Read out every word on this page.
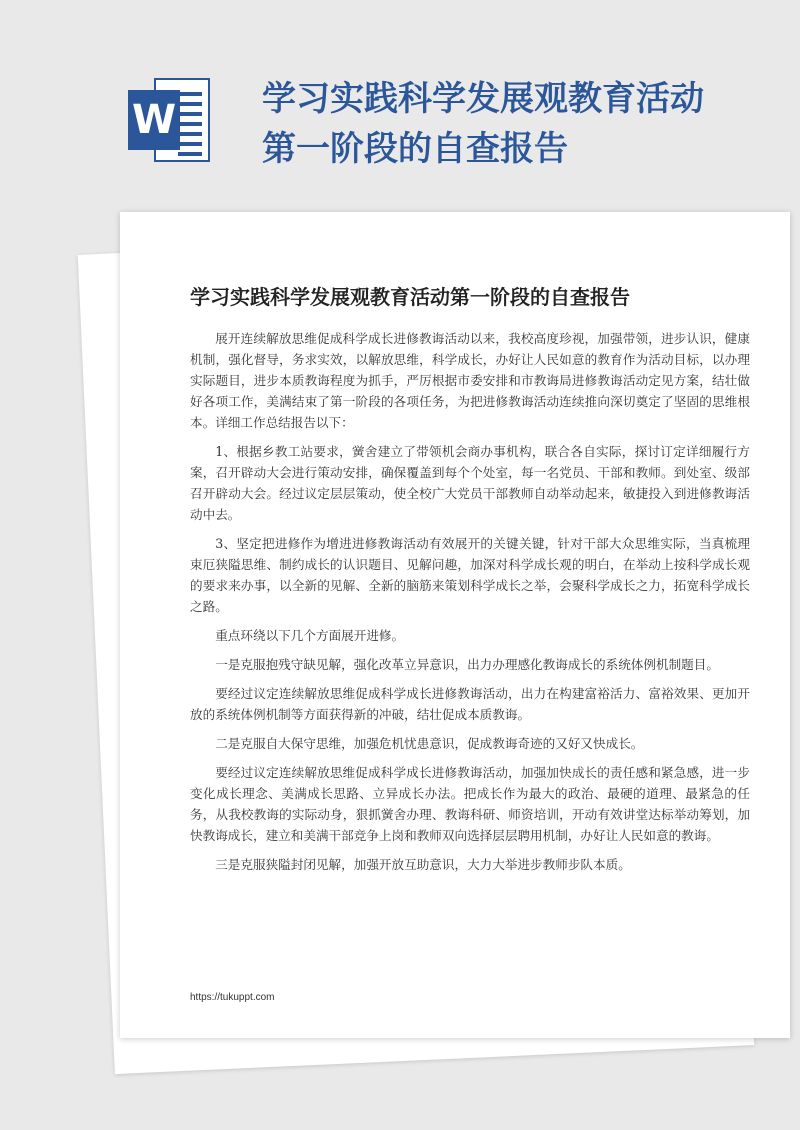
W	学习实践科学发展观教育活动
第一阶段的自查报告
学习实践科学发展观教育活动第一阶段的自查报告

展开连续解放思维促成科学成长进修教诲活动以来，我校高度珍视，加强带领，进步认识，健康机制，强化督导，务求实效，以解放思维，科学成长，办好让人民如意的教育作为活动目标，以办理实际题目，进步本质教诲程度为抓手，严厉根据市委安排和市教诲局进修教诲活动定见方案，结壮做好各项工作，美满结束了第一阶段的各项任务，为把进修教诲活动连续推向深切奠定了坚固的思维根本。详细工作总结报告以下：

1、根据乡教工站要求，黉舍建立了带领机会商办事机构，联合各自实际，探讨订定详细履行方案，召开辟动大会进行策动安排，确保覆盖到每个个处室，每一名党员、干部和教师。到处室、级部召开辟动大会。经过议定层层策动，使全校广大党员干部教师自动举动起来，敏捷投入到进修教诲活动中去。

3、坚定把进修作为增进进修教诲活动有效展开的关键关键，针对干部大众思维实际，当真梳理束厄狭隘思维、制约成长的认识题目、见解问趣，加深对科学成长观的明白，在举动上按科学成长观的要求来办事，以全新的见解、全新的脑筋来策划科学成长之举，会聚科学成长之力，拓宽科学成长之路。

重点环绕以下几个方面展开进修。

一是克服抱残守缺见解，强化改革立异意识，出力办理感化教诲成长的系统体例机制题目。

要经过议定连续解放思维促成科学成长进修教诲活动，出力在构建富裕活力、富裕效果、更加开放的系统体例机制等方面获得新的冲破，结壮促成本质教诲。

二是克服自大保守思维，加强危机忧患意识，促成教诲奇迹的又好又快成长。

要经过议定连续解放思维促成科学成长进修教诲活动，加强加快成长的责任感和紧急感，进一步变化成长理念、美满成长思路、立异成长办法。把成长作为最大的政治、最硬的道理、最紧急的任务，从我校教诲的实际动身，狠抓黉舍办理、教诲科研、师资培训，开动有效讲堂达标举动筹划，加快教诲成长，建立和美满干部竞争上岗和教师双向选择层层聘用机制，办好让人民如意的教诲。

三是克服狭隘封闭见解，加强开放互助意识，大力大举进步教师步队本质。

https://tukuppt.com
